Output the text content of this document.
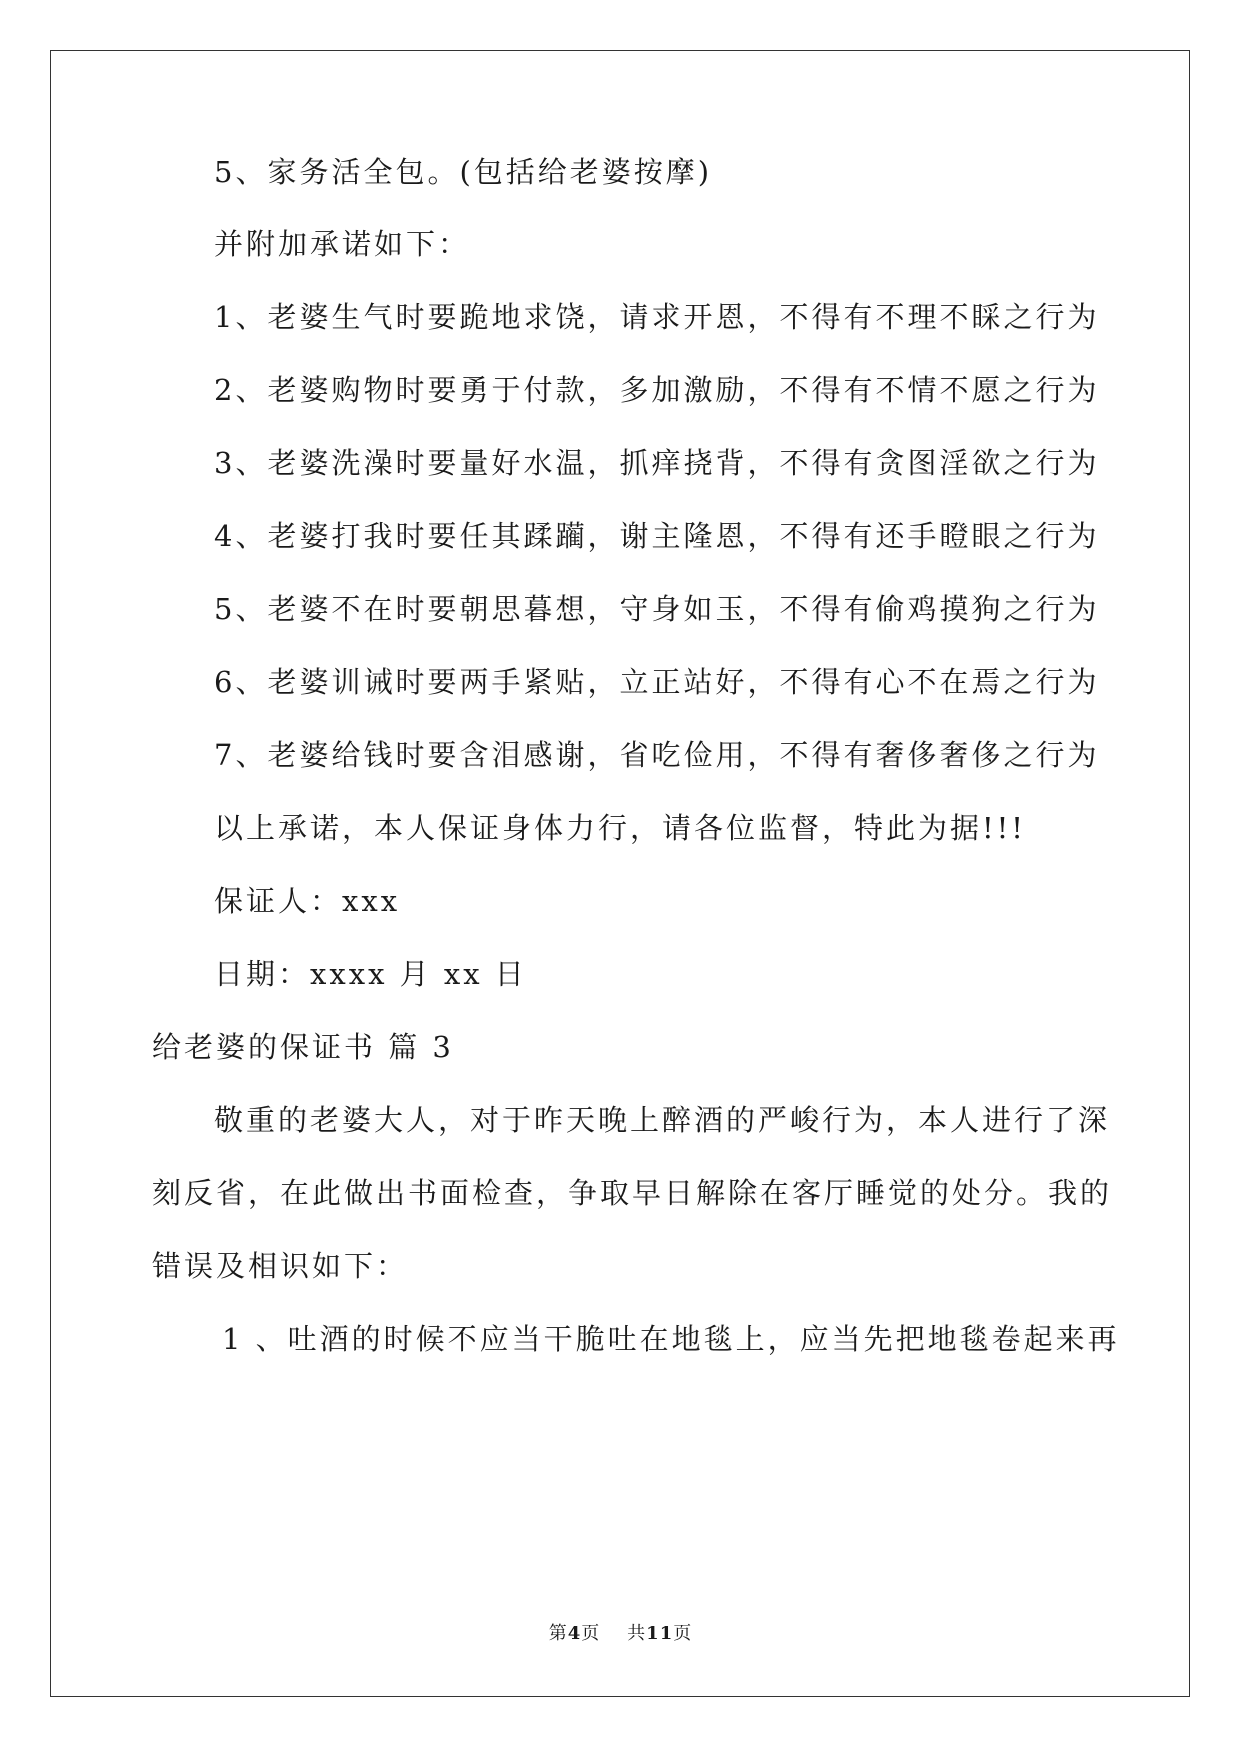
5、家务活全包。(包括给老婆按摩)
并附加承诺如下：
1、老婆生气时要跪地求饶，请求开恩，不得有不理不睬之行为
2、老婆购物时要勇于付款，多加激励，不得有不情不愿之行为
3、老婆洗澡时要量好水温，抓痒挠背，不得有贪图淫欲之行为
4、老婆打我时要任其蹂躏，谢主隆恩，不得有还手瞪眼之行为
5、老婆不在时要朝思暮想，守身如玉，不得有偷鸡摸狗之行为
6、老婆训诫时要两手紧贴，立正站好，不得有心不在焉之行为
7、老婆给钱时要含泪感谢，省吃俭用，不得有奢侈奢侈之行为
以上承诺，本人保证身体力行，请各位监督，特此为据!!!
保证人：xxx
日期：xxxx 月 xx 日
给老婆的保证书 篇 3
敬重的老婆大人，对于昨天晚上醉酒的严峻行为，本人进行了深
刻反省，在此做出书面检查，争取早日解除在客厅睡觉的处分。我的
错误及相识如下：
1 、吐酒的时候不应当干脆吐在地毯上，应当先把地毯卷起来再
第4页 共11页
